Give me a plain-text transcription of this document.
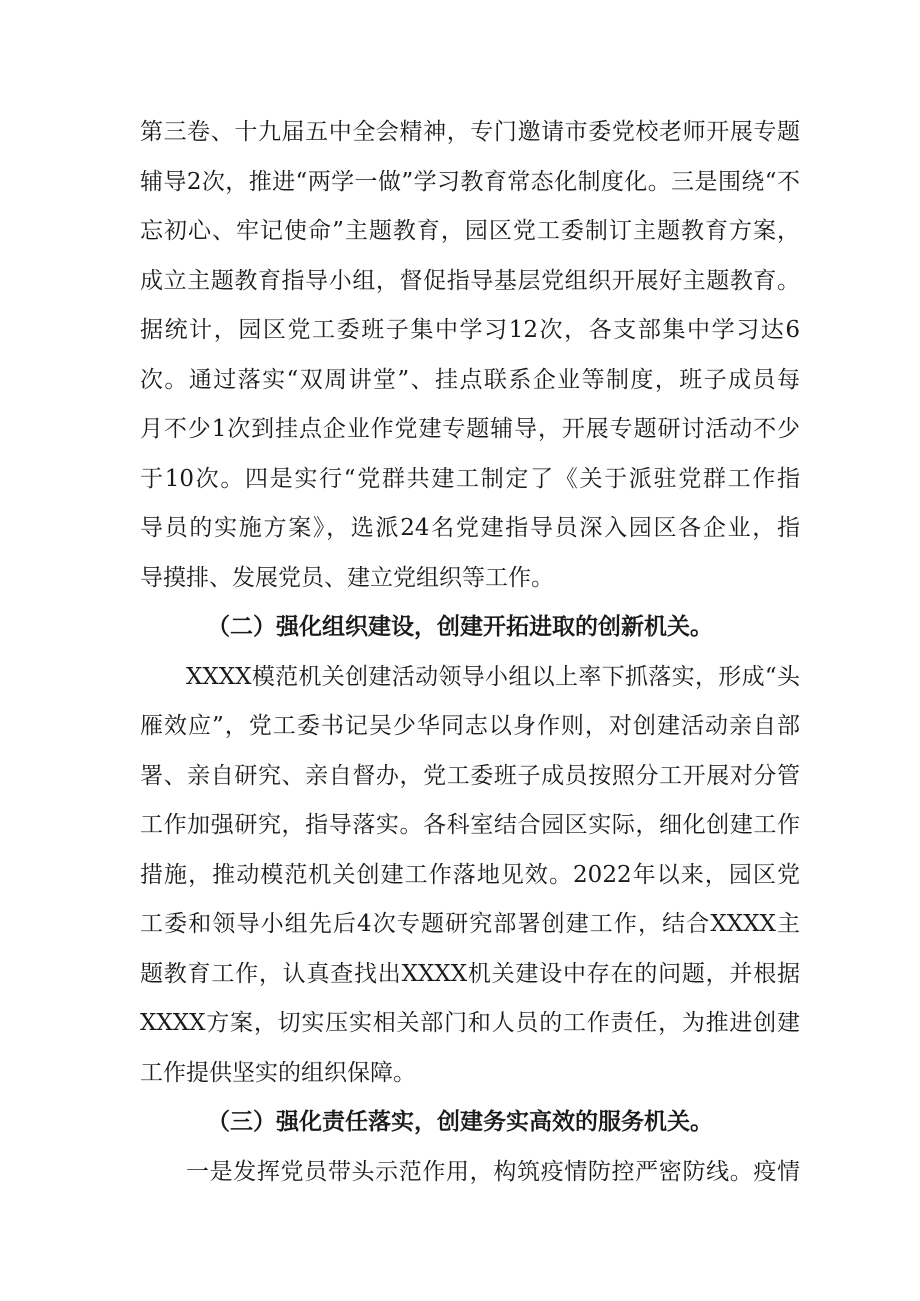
第三卷、十九届五中全会精神，专门邀请市委党校老师开展专题
辅导2次，推进“两学一做”学习教育常态化制度化。三是围绕“不
忘初心、牢记使命”主题教育，园区党工委制订主题教育方案，
成立主题教育指导小组，督促指导基层党组织开展好主题教育。
据统计，园区党工委班子集中学习12次，各支部集中学习达6
次。通过落实“双周讲堂”、挂点联系企业等制度，班子成员每
月不少1次到挂点企业作党建专题辅导，开展专题研讨活动不少
于10次。四是实行“党群共建工制定了《关于派驻党群工作指
导员的实施方案》，选派24名党建指导员深入园区各企业，指
导摸排、发展党员、建立党组织等工作。
（二）强化组织建设，创建开拓进取的创新机关。
XXXX模范机关创建活动领导小组以上率下抓落实，形成“头
雁效应”，党工委书记吴少华同志以身作则，对创建活动亲自部
署、亲自研究、亲自督办，党工委班子成员按照分工开展对分管
工作加强研究，指导落实。各科室结合园区实际，细化创建工作
措施，推动模范机关创建工作落地见效。2022年以来，园区党
工委和领导小组先后4次专题研究部署创建工作，结合XXXX主
题教育工作，认真查找出XXXX机关建设中存在的问题，并根据
XXXX方案，切实压实相关部门和人员的工作责任，为推进创建
工作提供坚实的组织保障。
（三）强化责任落实，创建务实高效的服务机关。
一是发挥党员带头示范作用，构筑疫情防控严密防线。疫情
